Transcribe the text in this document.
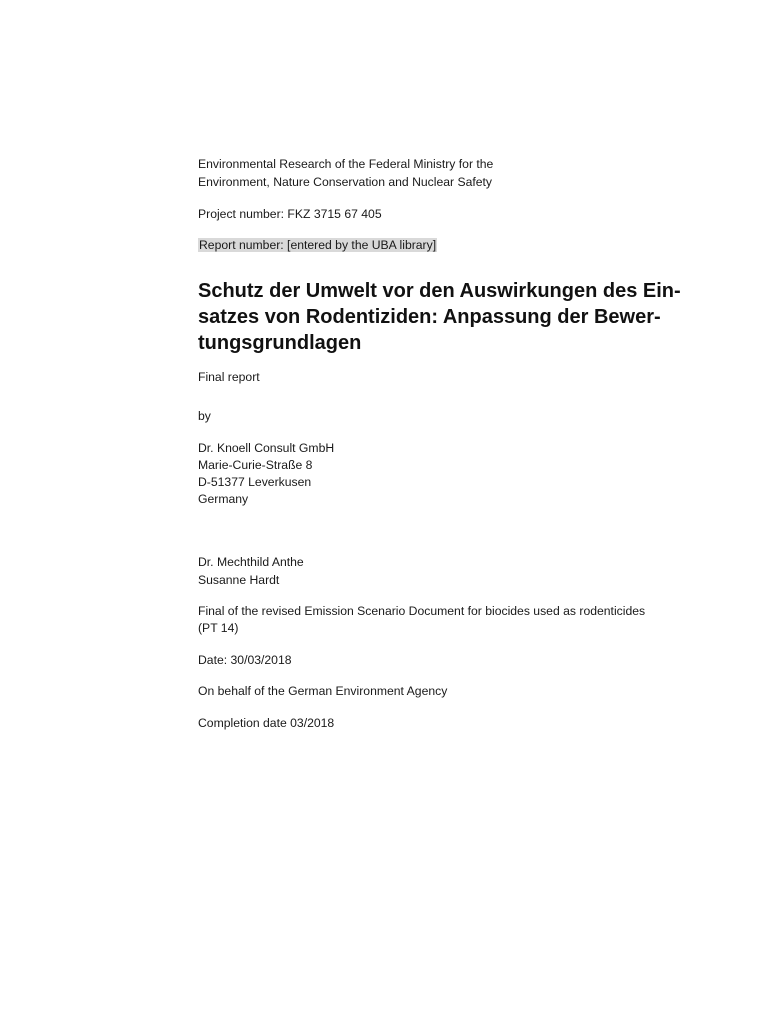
Environmental Research of the Federal Ministry for the

Environment, Nature Conservation and Nuclear Safety

Project number: FKZ 3715 67 405

Report number: [entered by the UBA library]

Schutz der Umwelt vor den Auswirkungen des Ein-
satzes von Rodentiziden: Anpassung der Bewer-
tungsgrundlagen

Final report

by

Dr. Knoell Consult GmbH

Marie-Curie-Straße 8

D-51377 Leverkusen

Germany

Dr. Mechthild Anthe

Susanne Hardt

Final of the revised Emission Scenario Document for biocides used as rodenticides

(PT 14)

Date: 30/03/2018

On behalf of the German Environment Agency

Completion date 03/2018
